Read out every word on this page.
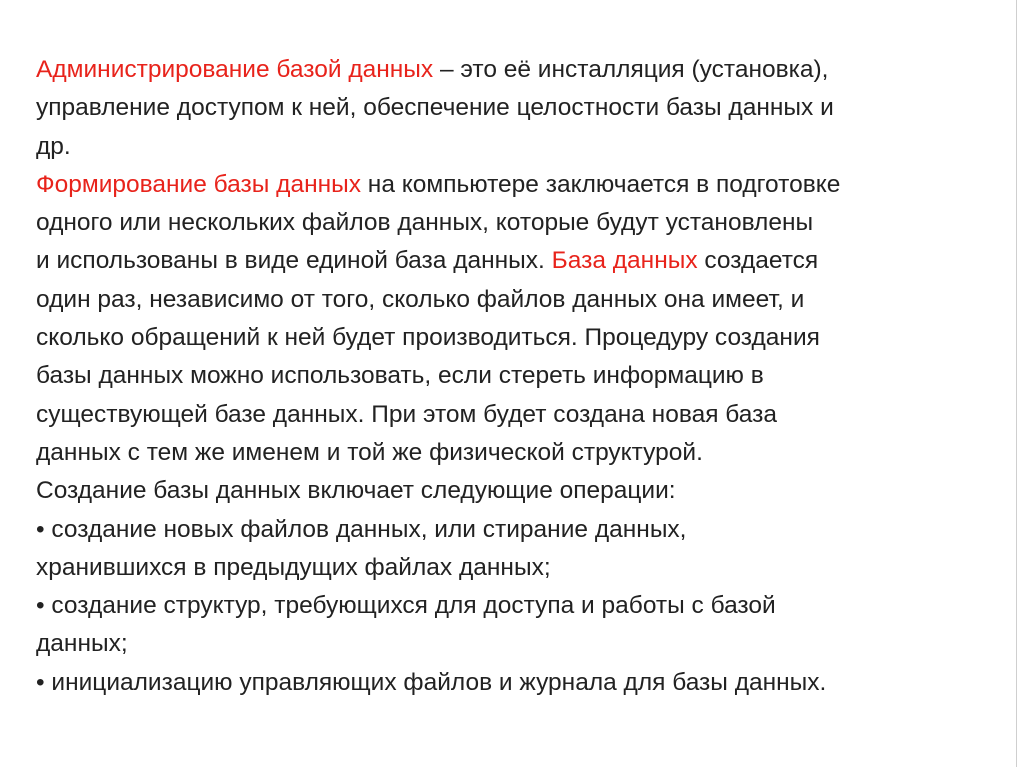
Администрирование базой данных – это её инсталляция (установка),
управление доступом к ней, обеспечение целостности базы данных и
др.
Формирование базы данных на компьютере заключается в подготовке
одного или нескольких файлов данных, которые будут установлены
и использованы в виде единой база данных. База данных создается
один раз, независимо от того, сколько файлов данных она имеет, и
сколько обращений к ней будет производиться. Процедуру создания
базы данных можно использовать, если стереть информацию в
существующей базе данных. При этом будет создана новая база
данных с тем же именем и той же физической структурой.
Создание базы данных включает следующие операции:
• создание новых файлов данных, или стирание данных,
хранившихся в предыдущих файлах данных;
• создание структур, требующихся для доступа и работы с базой
данных;
• инициализацию управляющих файлов и журнала для базы данных.
